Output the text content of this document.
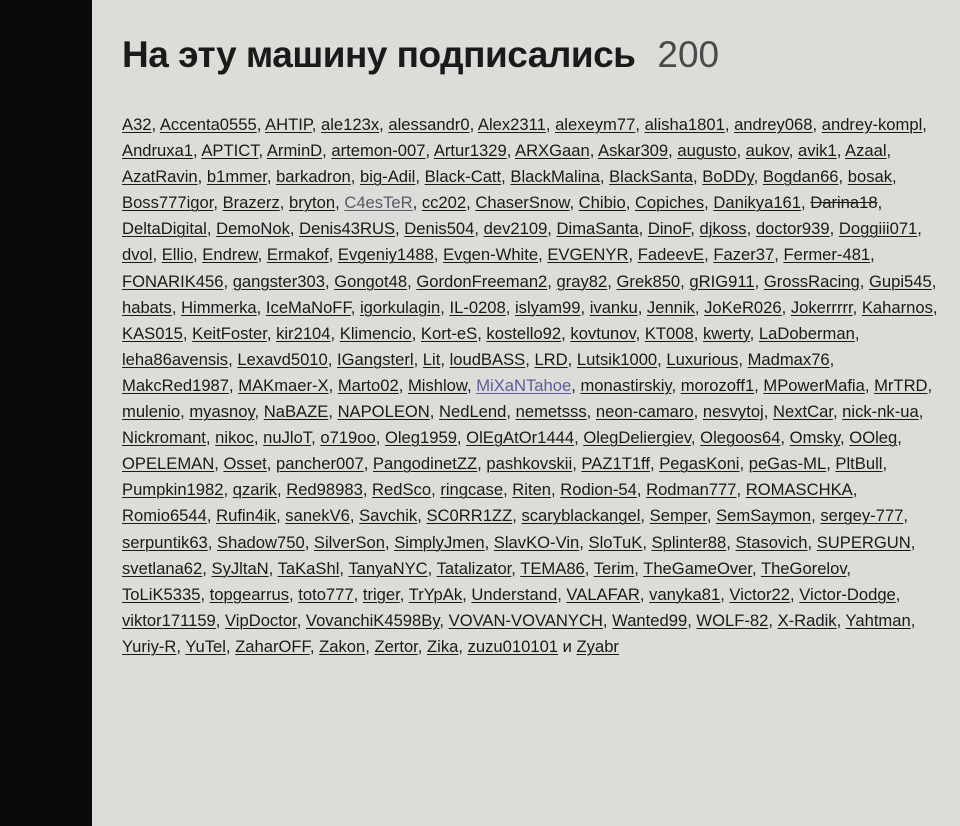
На эту машину подписались 200
A32, Accenta0555, AHTIP, ale123x, alessandr0, Alex2311, alexeym77, alisha1801, andrey068, andrey-kompl, Andruxa1, APTICT, ArminD, artemon-007, Artur1329, ARXGaan, Askar309, augusto, aukov, avik1, Azaal, AzatRavin, b1mmer, barkadron, big-Adil, Black-Catt, BlackMalina, BlackSanta, BoDDy, Bogdan66, bosak, Boss777igor, Brazerz, bryton, C4esTeR, cc202, ChaserSnow, Chibio, Copiches, Danikya161, Darina18, DeltaDigital, DemoNok, Denis43RUS, Denis504, dev2109, DimaSanta, DinoF, djkoss, doctor939, Doggiii071, dvol, Ellio, Endrew, Ermakof, Evgeniy1488, Evgen-White, EVGENYR, FadeevE, Fazer37, Fermer-481, FONARIK456, gangster303, Gongot48, GordonFreeman2, gray82, Grek850, gRIG911, GrossRacing, Gupi545, habats, Himmerka, IceMaNoFF, igorkulagin, IL-0208, islyam99, ivanku, Jennik, JoKeR026, Jokerrrrr, Kaharnos, KAS015, KeitFoster, kir2104, Klimencio, Kort-eS, kostello92, kovtunov, KT008, kwerty, LaDoberman, leha86avensis, Lexavd5010, IGangsterl, Lit, loudBASS, LRD, Lutsik1000, Luxurious, Madmax76, MakcRed1987, MAKmaer-X, Marto02, Mishlow, MiXaNTahoe, monastirskiy, morozoff1, MPowerMafia, MrTRD, mulenio, myasnoy, NaBAZE, NAPOLEON, NedLend, nemetsss, neon-camaro, nesvytoj, NextCar, nick-nk-ua, Nickromant, nikoc, nuJloT, o719oo, Oleg1959, OlEgAtOr1444, OlegDeliergiev, Olegoos64, Omsky, OOleg, OPELEMAN, Osset, pancher007, PangodinetZZ, pashkovskii, PAZ1T1ff, PegasKoni, peGas-ML, PltBull, Pumpkin1982, qzarik, Red98983, RedSco, ringcase, Riten, Rodion-54, Rodman777, ROMASCHKA, Romio6544, Rufin4ik, sanekV6, Savchik, SC0RR1ZZ, scaryblackangel, Semper, SemSaymon, sergey-777, serpuntik63, Shadow750, SilverSon, SimplyJmen, SlavKO-Vin, SloTuK, Splinter88, Stasovich, SUPERGUN, svetlana62, SyJltaN, TaKaShl, TanyaNYC, Tatalizator, TEMA86, Terim, TheGameOver, TheGorelov, ToLiK5335, topgearrus, toto777, triger, TrYpAk, Understand, VALAFAR, vanyka81, Victor22, Victor-Dodge, viktor171159, VipDoctor, VovanchiK4598By, VOVAN-VOVANYCH, Wanted99, WOLF-82, X-Radik, Yahtman, Yuriy-R, YuTel, ZaharOFF, Zakon, Zertor, Zika, zuzu010101 и Zyabr
